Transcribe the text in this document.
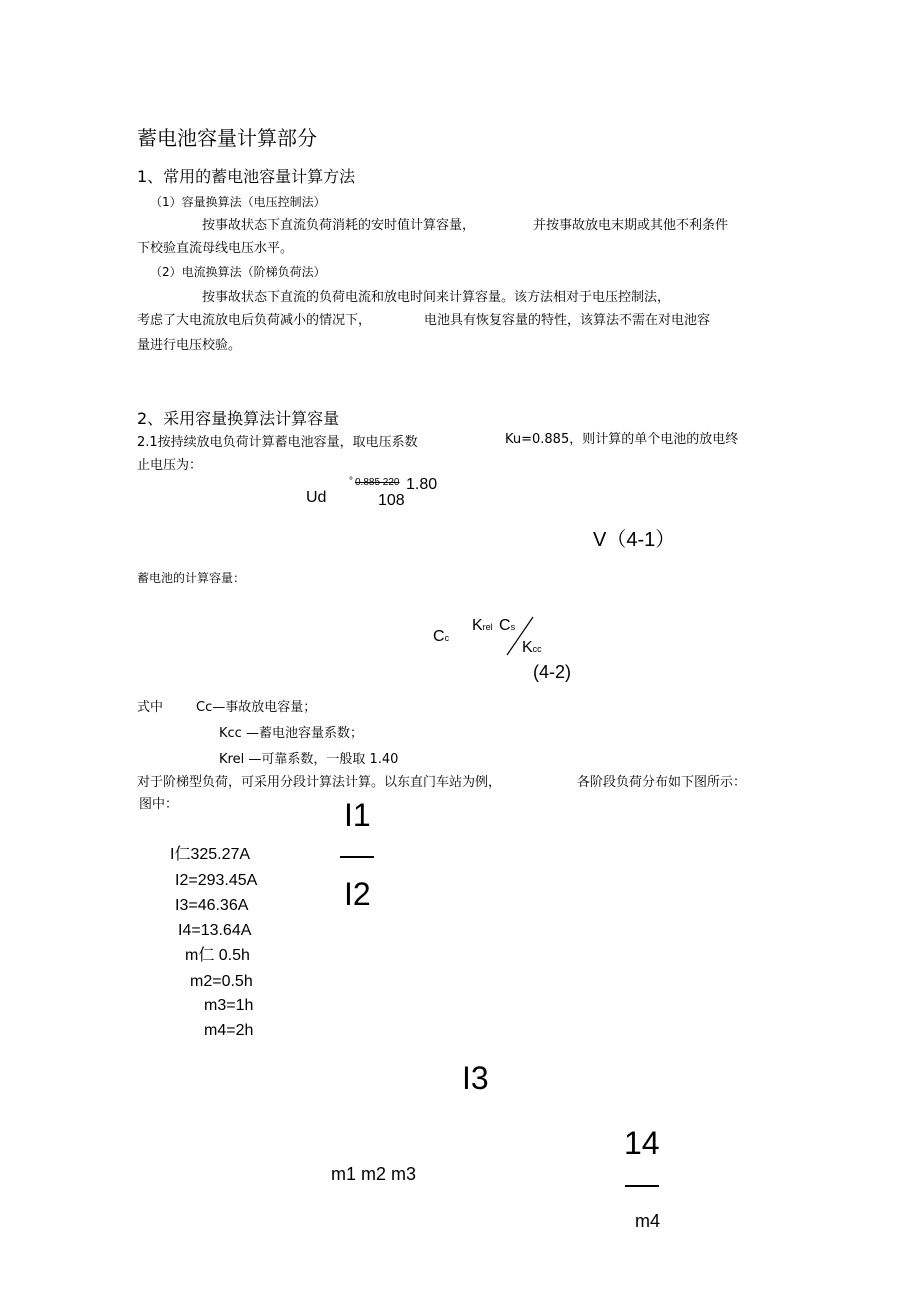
蓄电池容量计算部分
1、常用的蓄电池容量计算方法
（1）容量换算法（电压控制法）
按事故状态下直流负荷消耗的安时值计算容量，	并按事故放电末期或其他不利条件
下校验直流母线电压水平。
（2）电流换算法（阶梯负荷法）
按事故状态下直流的负荷电流和放电时间来计算容量。该方法相对于电压控制法，
考虑了大电流放电后负荷减小的情况下，	电池具有恢复容量的特性，该算法不需在对电池容
量进行电压校验。
2、采用容量换算法计算容量
2.1按持续放电负荷计算蓄电池容量，取电压系数	Ku=0.885，则计算的单个电池的放电终
止电压为：
Ud
° 0.885 220 1.80
108
V（4-1）
蓄电池的计算容量：
Cc
Krel Cs
Kcc
(4-2)
式中	Cc—事故放电容量；
Kcc —蓄电池容量系数；
Krel —可靠系数，一般取 1.40
对于阶梯型负荷，可采用分段计算法计算。以东直门车站为例，	各阶段负荷分布如下图所示：
图中：
I仁325.27A
I2=293.45A
I3=46.36A
I4=13.64A
m仁 0.5h
m2=0.5h
m3=1h
m4=2h
I1
I2
I3
14
m1 m2 m3
m4
